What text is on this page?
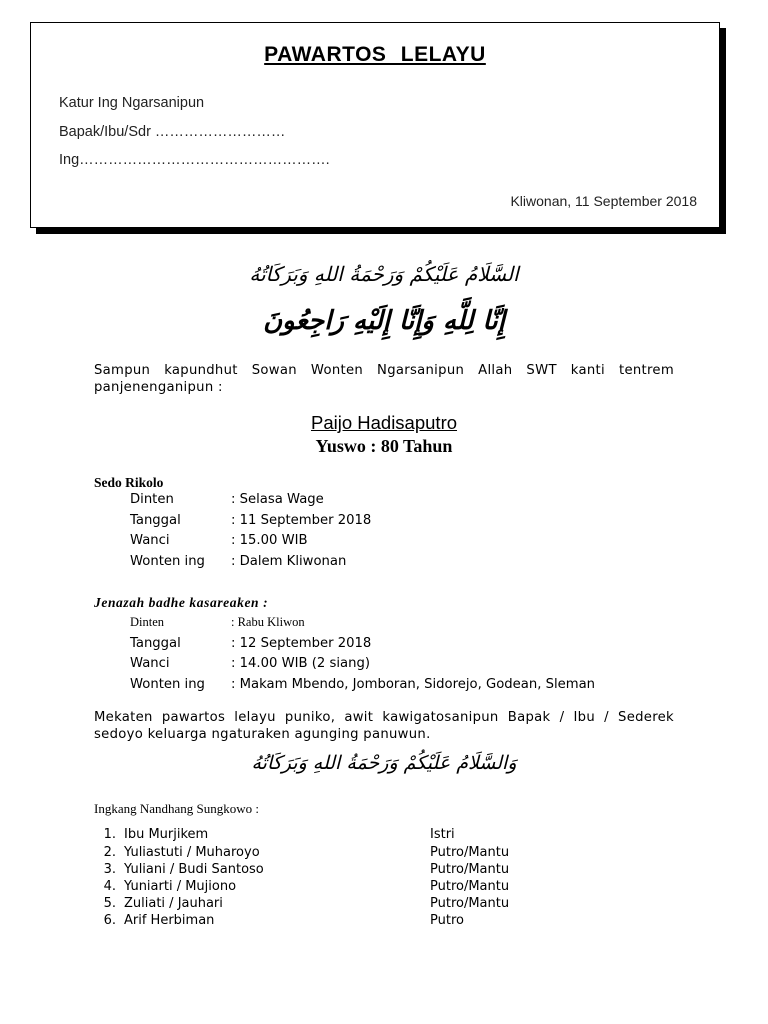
PAWARTOS LELAYU
Katur Ing Ngarsanipun
Bapak/Ibu/Sdr ………………………
Ing…………………………………………….
Kliwonan, 11 September 2018
السَّلَامُ عَلَيْكُمْ وَرَحْمَةُ اللهِ وَبَرَكَاتُهُ
إِنَّا لِلَّهِ وَإِنَّا إِلَيْهِ رَاجِعُونَ
Sampun kapundhut Sowan Wonten Ngarsanipun Allah SWT kanti tentrem panjenenganipun :
Paijo Hadisaputro
Yuswo : 80 Tahun
Sedo Rikolo
Dinten	: Selasa Wage
Tanggal	: 11 September 2018
Wanci	: 15.00 WIB
Wonten ing : Dalem Kliwonan
Jenazah badhe kasareaken :
Dinten	: Rabu Kliwon
Tanggal	: 12 September 2018
Wanci	: 14.00 WIB (2 siang)
Wonten ing : Makam Mbendo, Jomboran, Sidorejo, Godean, Sleman
Mekaten pawartos lelayu puniko, awit kawigatosanipun Bapak / Ibu / Sederek sedoyo keluarga ngaturaken agunging panuwun.
وَالسَّلَامُ عَلَيْكُمْ وَرَحْمَةُ اللهِ وَبَرَكَاتُهُ
Ingkang Nandhang Sungkowo :
1. Ibu Murjikem	Istri
2. Yuliastuti / Muharoyo	Putro/Mantu
3. Yuliani / Budi Santoso	Putro/Mantu
4. Yuniarti / Mujiono	Putro/Mantu
5. Zuliati / Jauhari	Putro/Mantu
6. Arif Herbiman	Putro
